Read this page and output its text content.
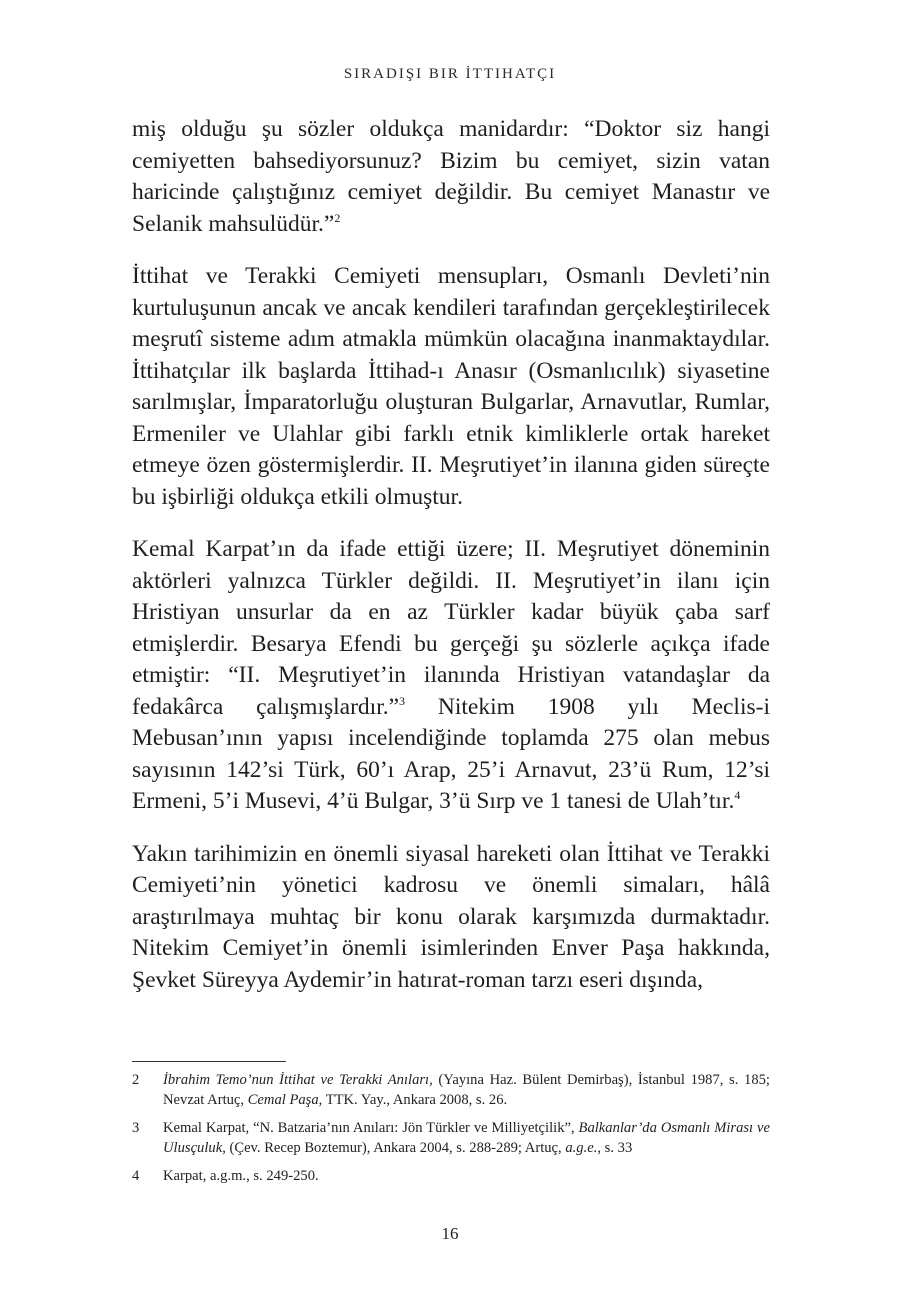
SIRADIŞI BIR İTTIHATÇI

miş olduğu şu sözler oldukça manidardır: “Doktor siz hangi cemiyetten bahsediyorsunuz? Bizim bu cemiyet, sizin vatan haricinde çalıştığınız cemiyet değildir. Bu cemiyet Manastır ve Selanik mahsulüdür.”$^2$

İttihat ve Terakki Cemiyeti mensupları, Osmanlı Devleti’nin kurtuluşunun ancak ve ancak kendileri tarafından gerçekleştirilecek meşrutî sisteme adım atmakla mümkün olacağına inanmaktaydılar. İttihatçılar ilk başlarda İttihad-ı Anasır (Osmanlıcılık) siyasetine sarılmışlar, İmparatorluğu oluşturan Bulgarlar, Arnavutlar, Rumlar, Ermeniler ve Ulahlar gibi farklı etnik kimliklerle ortak hareket etmeye özen göstermişlerdir. II. Meşrutiyet’in ilanına giden süreçte bu işbirliği oldukça etkili olmuştur.

Kemal Karpat’ın da ifade ettiği üzere; II. Meşrutiyet döneminin aktörleri yalnızca Türkler değildi. II. Meşrutiyet’in ilanı için Hristiyan unsurlar da en az Türkler kadar büyük çaba sarf etmişlerdir. Besarya Efendi bu gerçeği şu sözlerle açıkça ifade etmiştir: “II. Meşrutiyet’in ilanında Hristiyan vatandaşlar da fedakârca çalışmışlardır.”$^3$ Nitekim 1908 yılı Meclis-i Mebusan’ının yapısı incelendiğinde toplamda 275 olan mebus sayısının 142’si Türk, 60’ı Arap, 25’i Arnavut, 23’ü Rum, 12’si Ermeni, 5’i Musevi, 4’ü Bulgar, 3’ü Sırp ve 1 tanesi de Ulah’tır.$^4$

Yakın tarihimizin en önemli siyasal hareketi olan İttihat ve Terakki Cemiyeti’nin yönetici kadrosu ve önemli simaları, hâlâ araştırılmaya muhtaç bir konu olarak karşımızda durmaktadır. Nitekim Cemiyet’in önemli isimlerinden Enver Paşa hakkında, Şevket Süreyya Aydemir’in hatırat-roman tarzı eseri dışında,

2	İbrahim Temo’nun İttihat ve Terakki Anıları, (Yayına Haz. Bülent Demirbaş), İstanbul 1987, s. 185; Nevzat Artuç, Cemal Paşa, TTK. Yay., Ankara 2008, s. 26.
3	Kemal Karpat, “N. Batzaria’nın Anıları: Jön Türkler ve Milliyetçilik”, Balkanlar’da Osmanlı Mirası ve Ulusçuluk, (Çev. Recep Boztemur), Ankara 2004, s. 288-289; Artuç, a.g.e., s. 33
4	Karpat, a.g.m., s. 249-250.
16
